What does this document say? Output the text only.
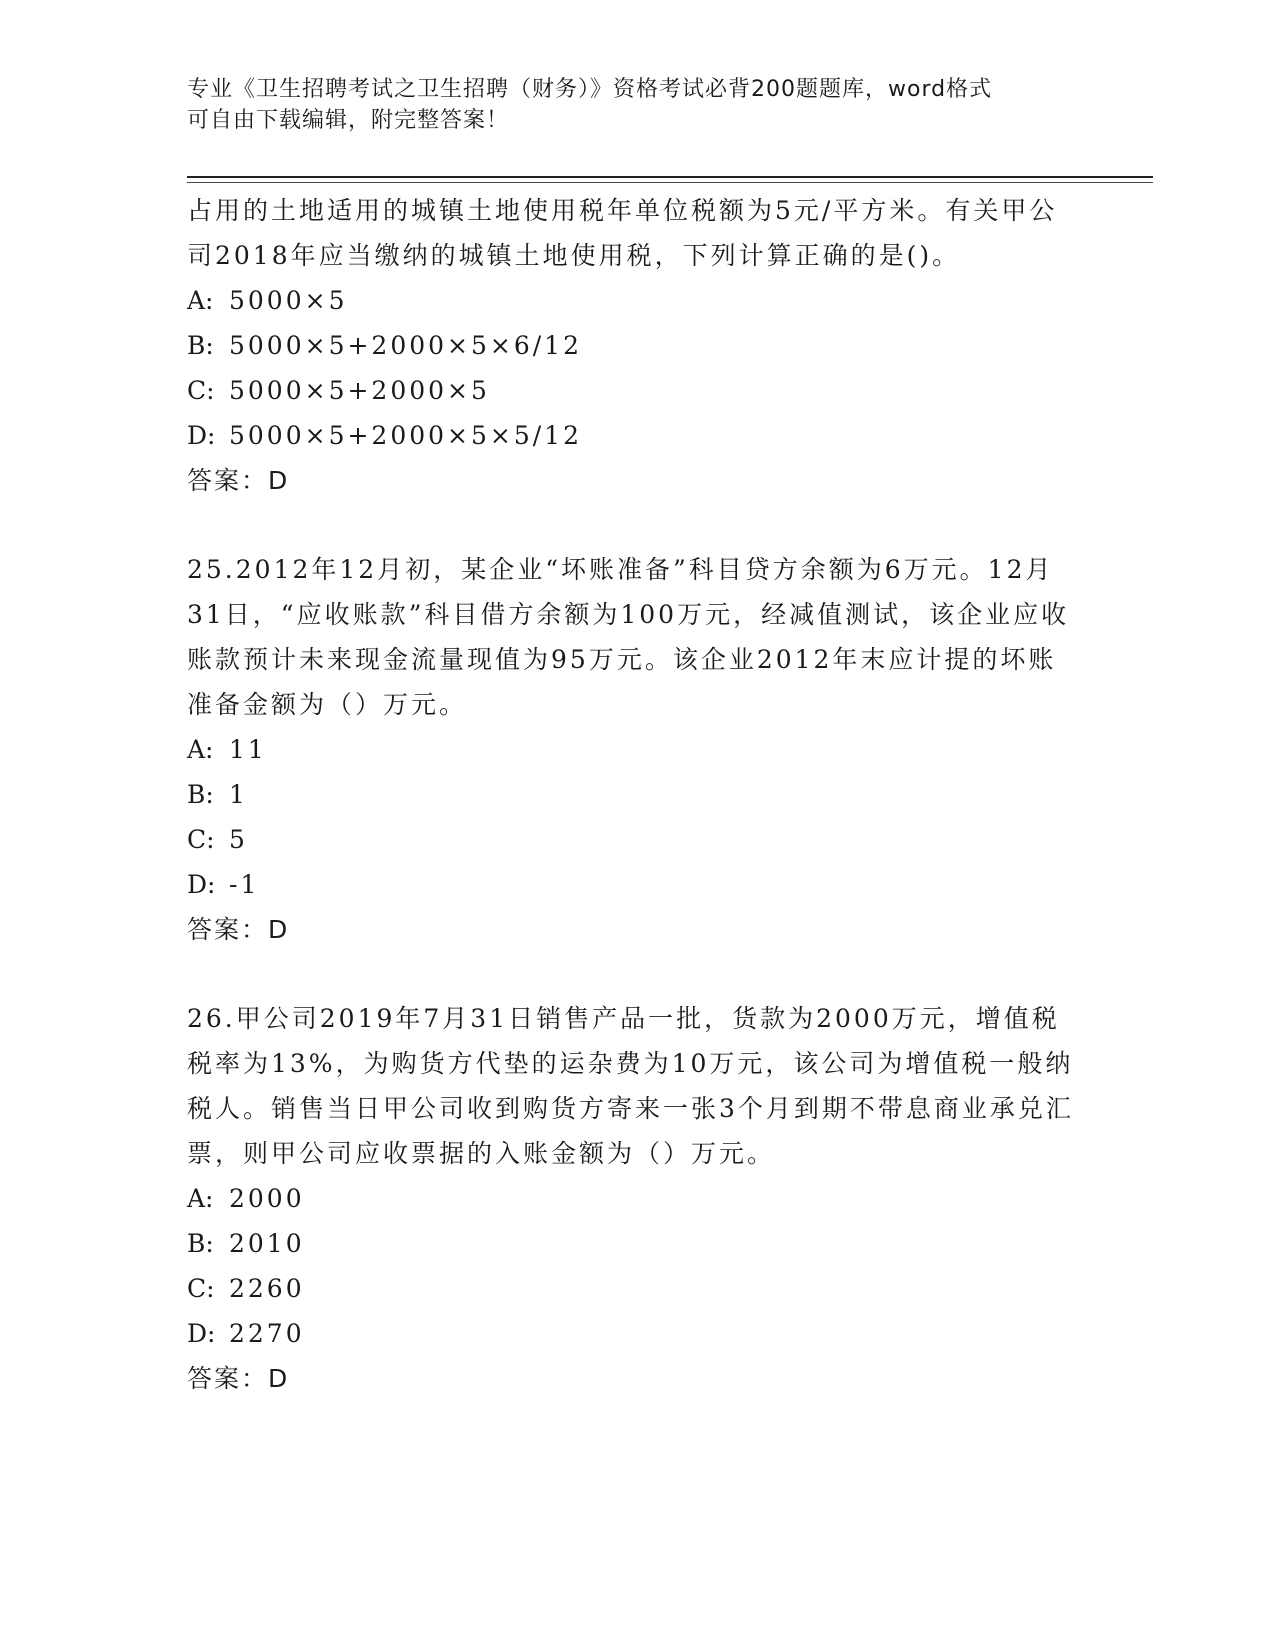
专业《卫生招聘考试之卫生招聘（财务）》资格考试必背200题题库，word格式
可自由下载编辑，附完整答案！

占用的土地适用的城镇土地使用税年单位税额为5元/平方米。有关甲公司2018年应当缴纳的城镇土地使用税，下列计算正确的是()。

A: 5000×5
B: 5000×5+2000×5×6/12
C: 5000×5+2000×5
D: 5000×5+2000×5×5/12
答案：D

25.2012年12月初，某企业“坏账准备”科目贷方余额为6万元。12月31日，“应收账款”科目借方余额为100万元，经减值测试，该企业应收账款预计未来现金流量现值为95万元。该企业2012年末应计提的坏账准备金额为（）万元。

A: 11
B: 1
C: 5
D: -1
答案：D

26.甲公司2019年7月31日销售产品一批，货款为2000万元，增值税税率为13%，为购货方代垫的运杂费为10万元，该公司为增值税一般纳税人。销售当日甲公司收到购货方寄来一张3个月到期不带息商业承兑汇票，则甲公司应收票据的入账金额为（）万元。

A: 2000
B: 2010
C: 2260
D: 2270
答案：D
